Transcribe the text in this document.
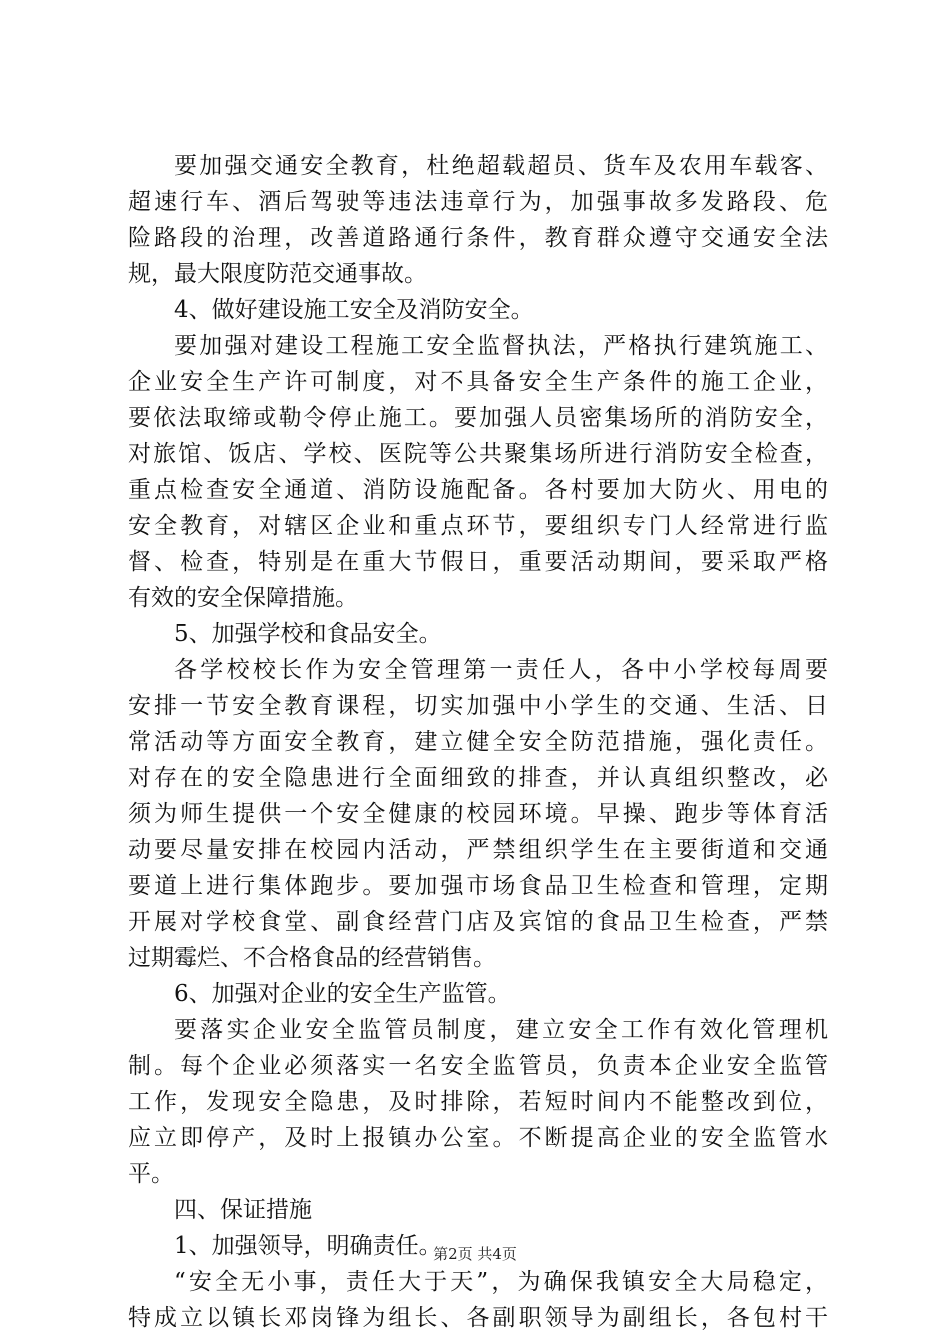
要加强交通安全教育，杜绝超载超员、货车及农用车载客、
超速行车、酒后驾驶等违法违章行为，加强事故多发路段、危
险路段的治理，改善道路通行条件，教育群众遵守交通安全法
规，最大限度防范交通事故。
4、做好建设施工安全及消防安全。
要加强对建设工程施工安全监督执法，严格执行建筑施工、
企业安全生产许可制度，对不具备安全生产条件的施工企业，
要依法取缔或勒令停止施工。要加强人员密集场所的消防安全，
对旅馆、饭店、学校、医院等公共聚集场所进行消防安全检查，
重点检查安全通道、消防设施配备。各村要加大防火、用电的
安全教育，对辖区企业和重点环节，要组织专门人经常进行监
督、检查，特别是在重大节假日，重要活动期间，要采取严格
有效的安全保障措施。
5、加强学校和食品安全。
各学校校长作为安全管理第一责任人，各中小学校每周要
安排一节安全教育课程，切实加强中小学生的交通、生活、日
常活动等方面安全教育，建立健全安全防范措施，强化责任。
对存在的安全隐患进行全面细致的排查，并认真组织整改，必
须为师生提供一个安全健康的校园环境。早操、跑步等体育活
动要尽量安排在校园内活动，严禁组织学生在主要街道和交通
要道上进行集体跑步。要加强市场食品卫生检查和管理，定期
开展对学校食堂、副食经营门店及宾馆的食品卫生检查，严禁
过期霉烂、不合格食品的经营销售。
6、加强对企业的安全生产监管。
要落实企业安全监管员制度，建立安全工作有效化管理机
制。每个企业必须落实一名安全监管员，负责本企业安全监管
工作，发现安全隐患，及时排除，若短时间内不能整改到位，
应立即停产，及时上报镇办公室。不断提高企业的安全监管水
平。
四、保证措施
1、加强领导，明确责任。
“安全无小事，责任大于天”，为确保我镇安全大局稳定，
特成立以镇长邓岗锋为组长、各副职领导为副组长，各包村干
第2页 共4页
